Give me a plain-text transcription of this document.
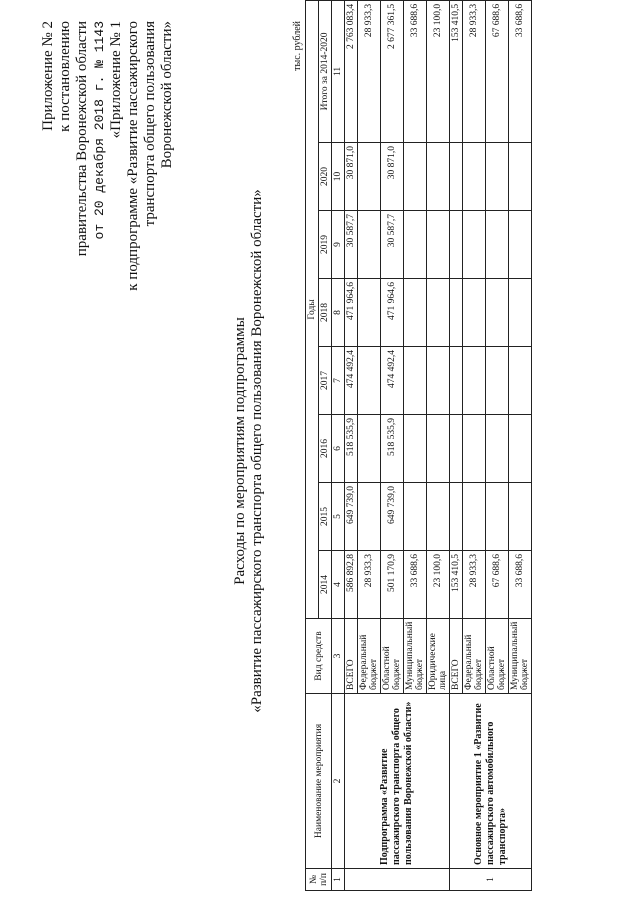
Приложение № 2 к постановлению правительства Воронежской области от 20 декабря 2018 г. № 1143 «Приложение № 1 к подпрограмме «Развитие пассажирского транспорта общего пользования Воронежской области»
Расходы по мероприятиям подпрограммы «Развитие пассажирского транспорта общего пользования Воронежской области»
тыс. рублей
№ п/п	Наименование мероприятия	Вид средств	Годы							
			2014	2015	2016	2017	2018	2019	2020	Итого за 2014-2020
1	2	3	4	5	6	7	8	9	10	11
	Подпрограмма «Развитие пассажирского транспорта общего пользования Воронежской области»	ВСЕГО	586 892,8	649 739,0	518 535,9	474 492,4	471 964,6	30 587,7	30 871,0	2 763 083,4
		Федеральный бюджет	28 933,3							28 933,3
		Областной бюджет	501 170,9	649 739,0	518 535,9	474 492,4	471 964,6	30 587,7	30 871,0	2 677 361,5
		Муниципальный бюджет	33 688,6							33 688,6
		Юридические лица	23 100,0							23 100,0
1	Основное мероприятие 1 «Развитие пассажирского автомобильного транспорта»	ВСЕГО	153 410,5							153 410,5
		Федеральный бюджет	28 933,3							28 933,3
		Областной бюджет	67 688,6							67 688,6
		Муниципальный бюджет	33 688,6							33 688,6
